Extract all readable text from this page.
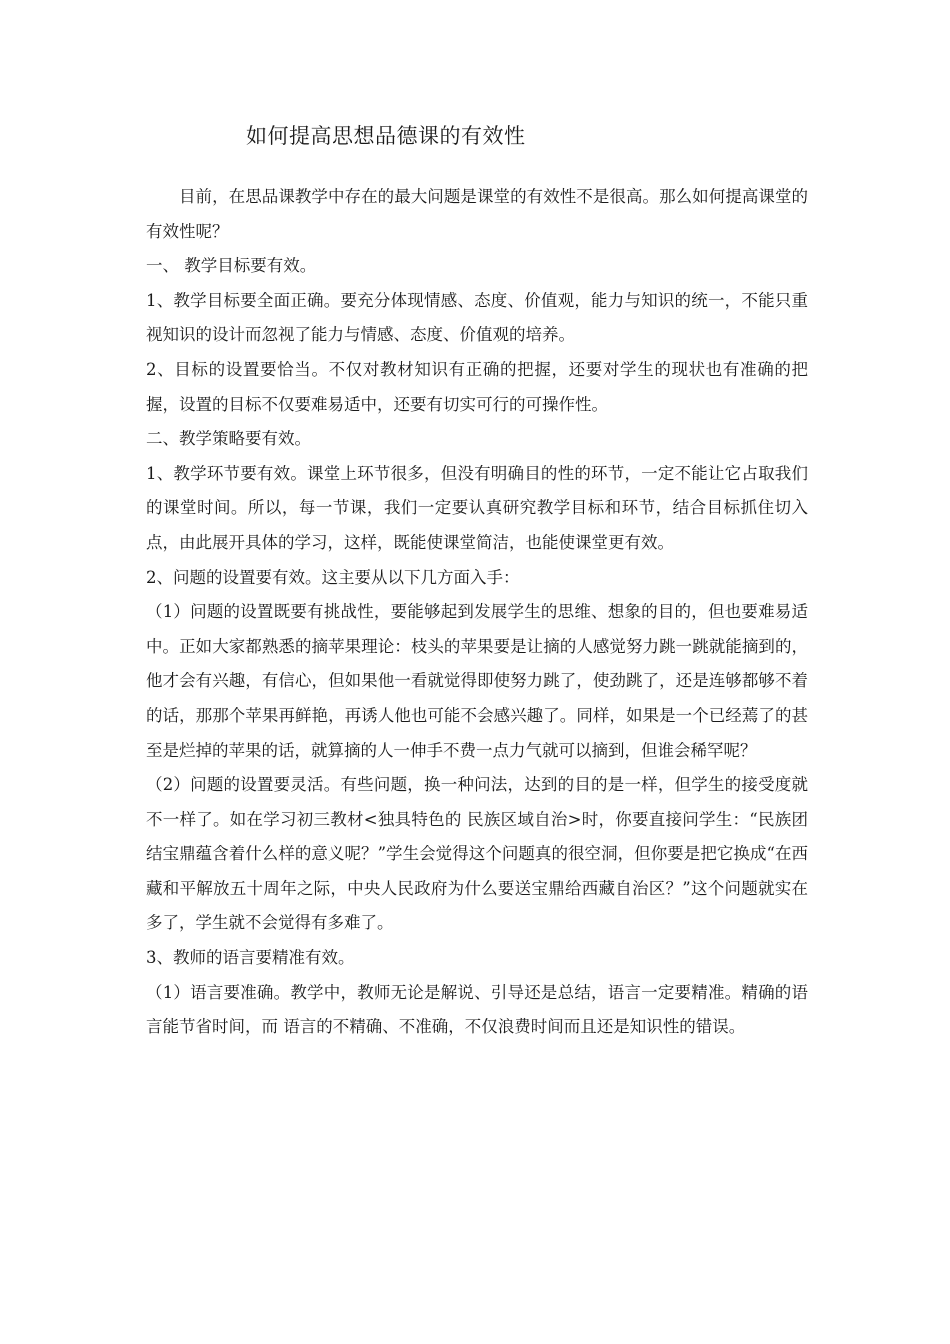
如何提高思想品德课的有效性

目前，在思品课教学中存在的最大问题是课堂的有效性不是很高。那么如何提高课堂的有效性呢？

一、 教学目标要有效。

1、教学目标要全面正确。要充分体现情感、态度、价值观，能力与知识的统一，不能只重视知识的设计而忽视了能力与情感、态度、价值观的培养。

2、目标的设置要恰当。不仅对教材知识有正确的把握，还要对学生的现状也有准确的把握，设置的目标不仅要难易适中，还要有切实可行的可操作性。

二、教学策略要有效。

1、教学环节要有效。课堂上环节很多，但没有明确目的性的环节，一定不能让它占取我们的课堂时间。所以，每一节课，我们一定要认真研究教学目标和环节，结合目标抓住切入点，由此展开具体的学习，这样，既能使课堂简洁，也能使课堂更有效。

2、问题的设置要有效。这主要从以下几方面入手：

（1）问题的设置既要有挑战性，要能够起到发展学生的思维、想象的目的，但也要难易适中。正如大家都熟悉的摘苹果理论：枝头的苹果要是让摘的人感觉努力跳一跳就能摘到的，他才会有兴趣，有信心，但如果他一看就觉得即使努力跳了，使劲跳了，还是连够都够不着的话，那那个苹果再鲜艳，再诱人他也可能不会感兴趣了。同样，如果是一个已经蔫了的甚至是烂掉的苹果的话，就算摘的人一伸手不费一点力气就可以摘到，但谁会稀罕呢？

（2）问题的设置要灵活。有些问题，换一种问法，达到的目的是一样，但学生的接受度就不一样了。如在学习初三教材<独具特色的 民族区域自治>时，你要直接问学生：“民族团结宝鼎蕴含着什么样的意义呢？”学生会觉得这个问题真的很空洞，但你要是把它换成“在西藏和平解放五十周年之际，中央人民政府为什么要送宝鼎给西藏自治区？”这个问题就实在多了，学生就不会觉得有多难了。

3、教师的语言要精准有效。

（1）语言要准确。教学中，教师无论是解说、引导还是总结，语言一定要精准。精确的语言能节省时间，而 语言的不精确、不准确，不仅浪费时间而且还是知识性的错误。
